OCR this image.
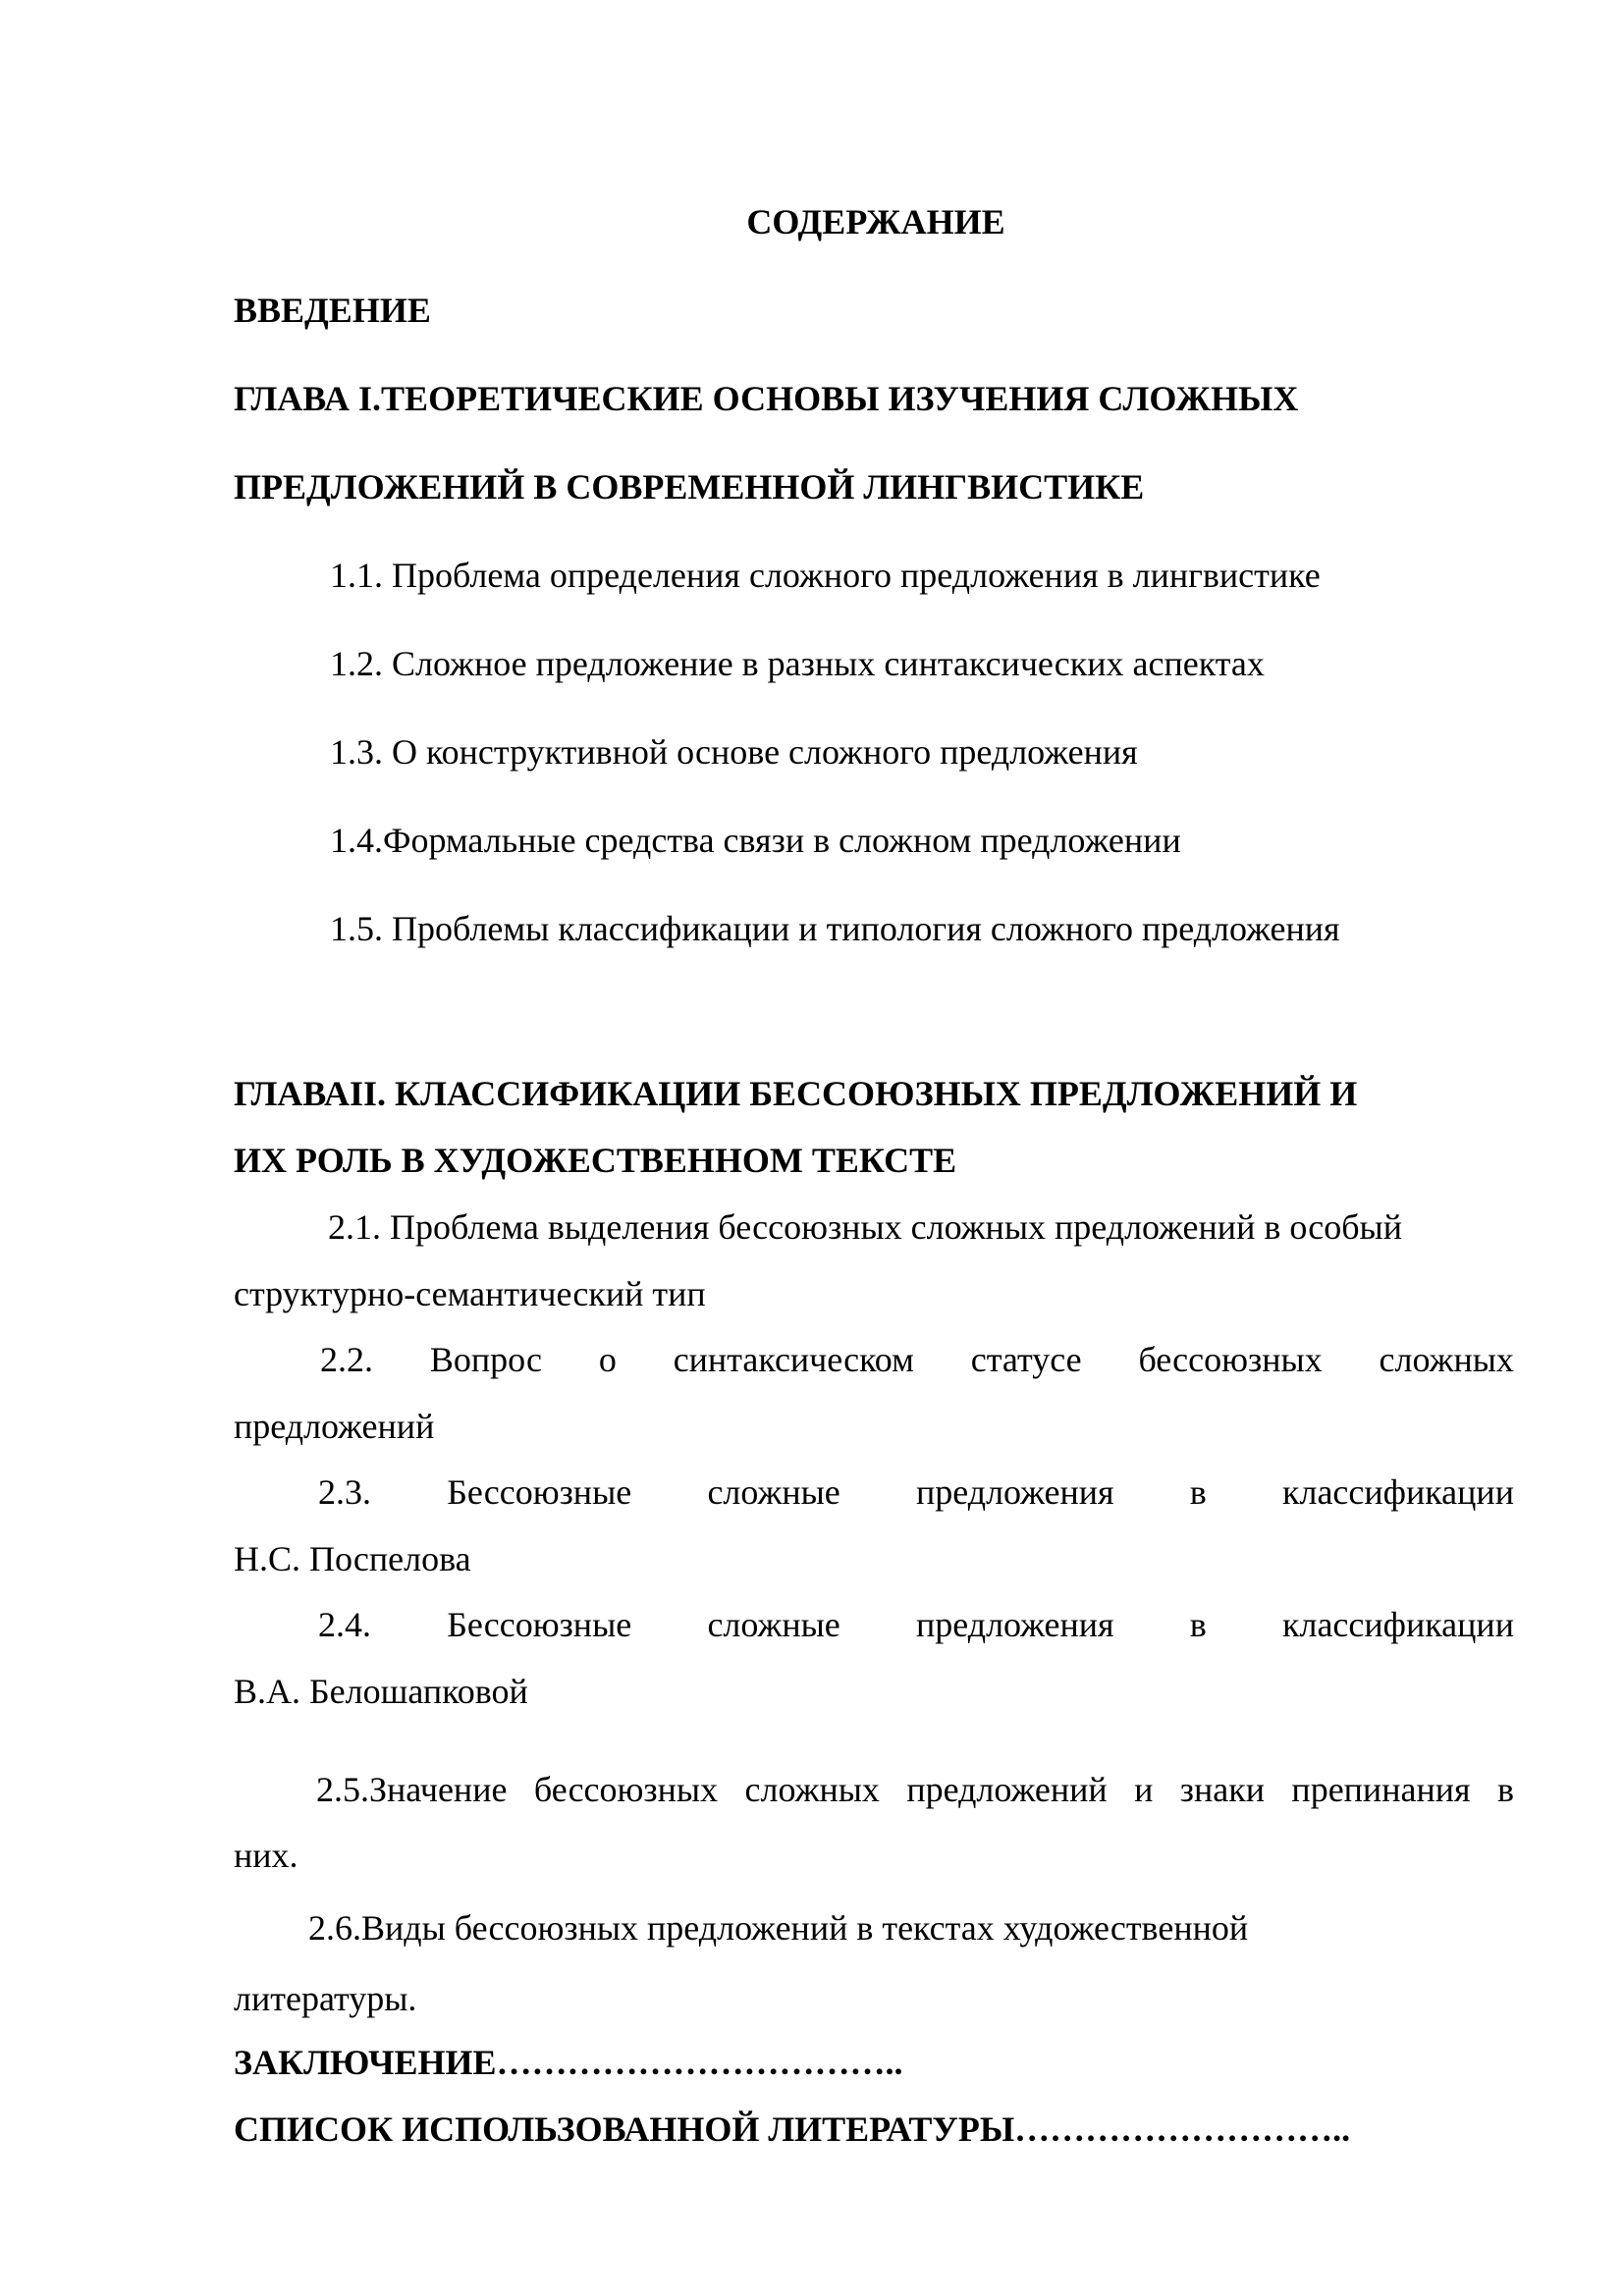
СОДЕРЖАНИЕ
ВВЕДЕНИЕ
ГЛАВА I.ТЕОРЕТИЧЕСКИЕ ОСНОВЫ ИЗУЧЕНИЯ СЛОЖНЫХ
ПРЕДЛОЖЕНИЙ В СОВРЕМЕННОЙ ЛИНГВИСТИКЕ
1.1. Проблема определения сложного предложения в лингвистике
1.2. Сложное предложение в разных синтаксических аспектах
1.3. О конструктивной основе сложного предложения
1.4.Формальные средства связи в сложном предложении
1.5. Проблемы классификации и типология сложного предложения
ГЛАВАII. КЛАССИФИКАЦИИ БЕССОЮЗНЫХ ПРЕДЛОЖЕНИЙ И
ИХ РОЛЬ В ХУДОЖЕСТВЕННОМ ТЕКСТЕ
2.1. Проблема выделения бессоюзных сложных предложений в особый
структурно-семантический тип
2.2. Вопрос о синтаксическом статусе бессоюзных сложных
предложений
2.3. Бессоюзные сложные предложения в классификации
Н.С. Поспелова
2.4. Бессоюзные сложные предложения в классификации
В.А. Белошапковой
2.5.Значение бессоюзных сложных предложений и знаки препинания в
них.
2.6.Виды бессоюзных предложений в текстах художественной
литературы.
ЗАКЛЮЧЕНИЕ……………………………..
СПИСОК ИСПОЛЬЗОВАННОЙ ЛИТЕРАТУРЫ………………………..
